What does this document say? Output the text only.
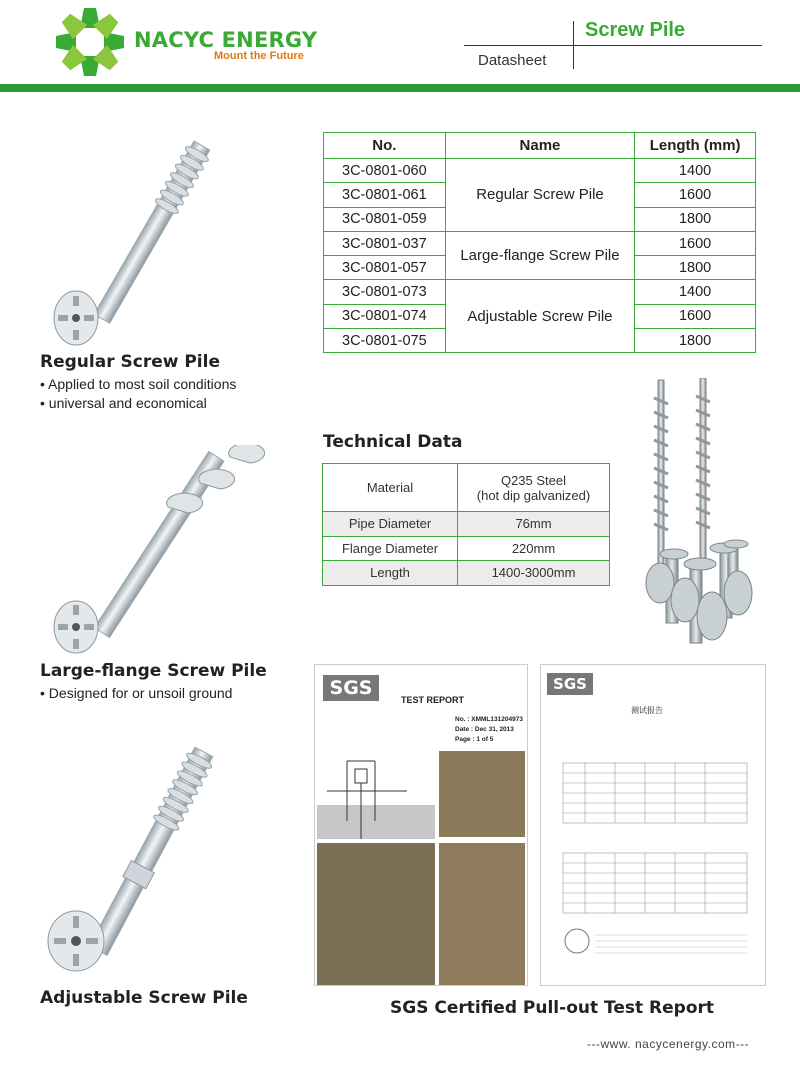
NACYC ENERGY
Mount the Future
Screw Pile
Datasheet
Regular Screw Pile
• Applied to most soil conditions
• universal and economical
Large-flange Screw Pile
• Designed for or unsoil ground
Adjustable Screw Pile
No.	Name	Length (mm)
3C-0801-060	Regular Screw Pile	1400
3C-0801-061		1600
3C-0801-059		1800
3C-0801-037	Large-flange Screw Pile	1600
3C-0801-057		1800
3C-0801-073	Adjustable Screw Pile	1400
3C-0801-074		1600
3C-0801-075		1800
Technical Data
Material	Q235 Steel
(hot dip galvanized)

Pipe Diameter	76mm
Flange Diameter	220mm
Length	1400-3000mm
SGS
TEST REPORT
No. : XMML131204973
Date : Dec 31, 2013
Page : 1 of 5
SGS
测试报告
SGS Certified Pull-out Test Report
---www. nacycenergy.com---
